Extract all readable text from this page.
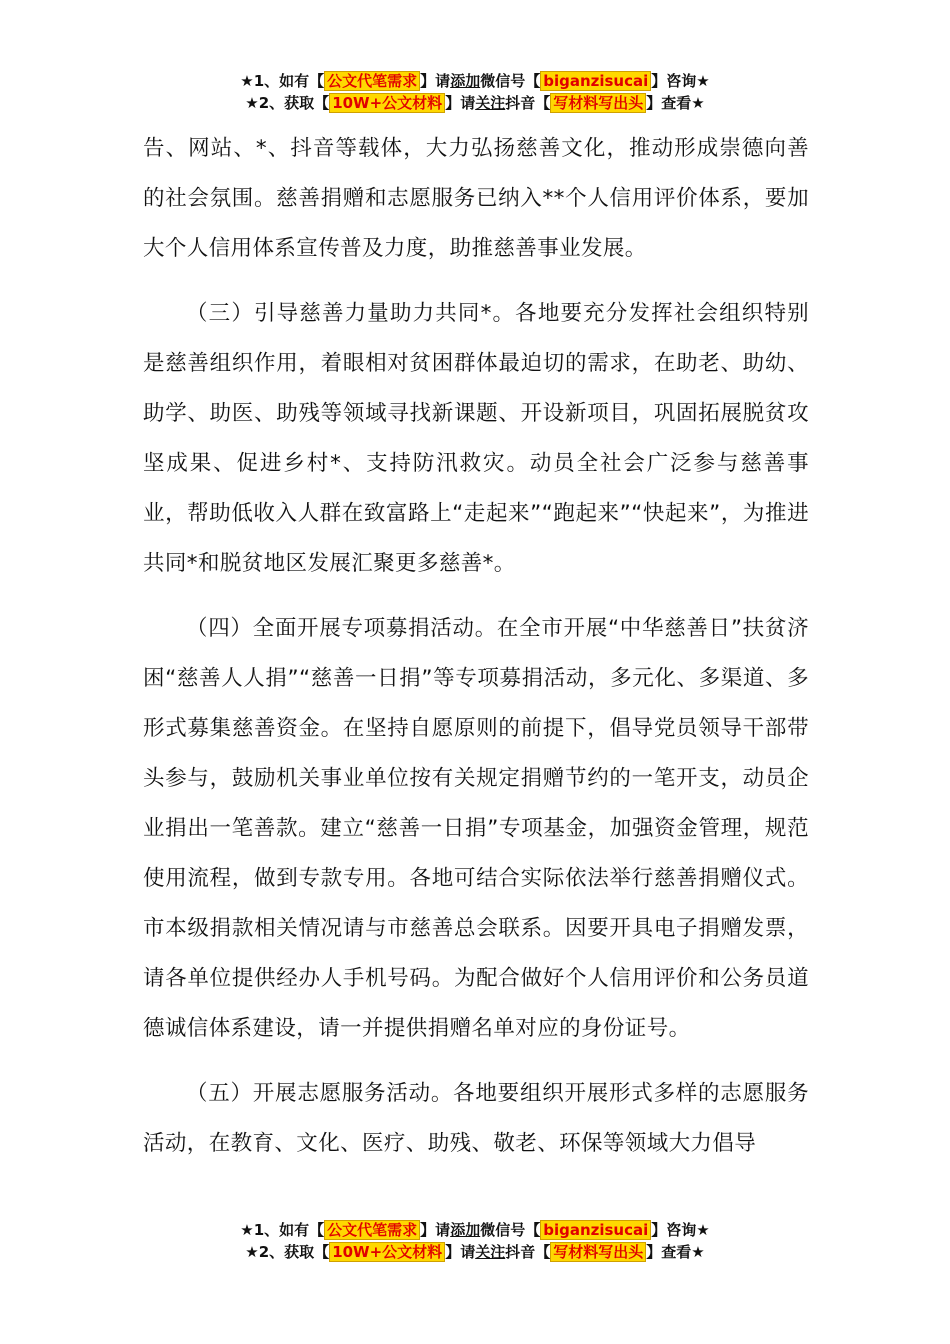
★1、如有【 公文代笔需求 】请添加微信号【 biganzisucai 】咨询★
★2、获取【 10W+公文材料 】请关注抖音【 写材料写出头 】查看★

告、网站、*、抖音等载体，大力弘扬慈善文化，推动形成崇德向善的社会氛围。慈善捐赠和志愿服务已纳入**个人信用评价体系，要加大个人信用体系宣传普及力度，助推慈善事业发展。

（三）引导慈善力量助力共同*。各地要充分发挥社会组织特别是慈善组织作用，着眼相对贫困群体最迫切的需求，在助老、助幼、助学、助医、助残等领域寻找新课题、开设新项目，巩固拓展脱贫攻坚成果、促进乡村*、支持防汛救灾。动员全社会广泛参与慈善事业，帮助低收入人群在致富路上“走起来”“跑起来”“快起来”，为推进共同*和脱贫地区发展汇聚更多慈善*。

（四）全面开展专项募捐活动。在全市开展“中华慈善日”扶贫济困“慈善人人捐”“慈善一日捐”等专项募捐活动，多元化、多渠道、多形式募集慈善资金。在坚持自愿原则的前提下，倡导党员领导干部带头参与，鼓励机关事业单位按有关规定捐赠节约的一笔开支，动员企业捐出一笔善款。建立“慈善一日捐”专项基金，加强资金管理，规范使用流程，做到专款专用。各地可结合实际依法举行慈善捐赠仪式。市本级捐款相关情况请与市慈善总会联系。因要开具电子捐赠发票，请各单位提供经办人手机号码。为配合做好个人信用评价和公务员道德诚信体系建设，请一并提供捐赠名单对应的身份证号。

（五）开展志愿服务活动。各地要组织开展形式多样的志愿服务活动，在教育、文化、医疗、助残、敬老、环保等领域大力倡导

★1、如有【 公文代笔需求 】请添加微信号【 biganzisucai 】咨询★
★2、获取【 10W+公文材料 】请关注抖音【 写材料写出头 】查看★
